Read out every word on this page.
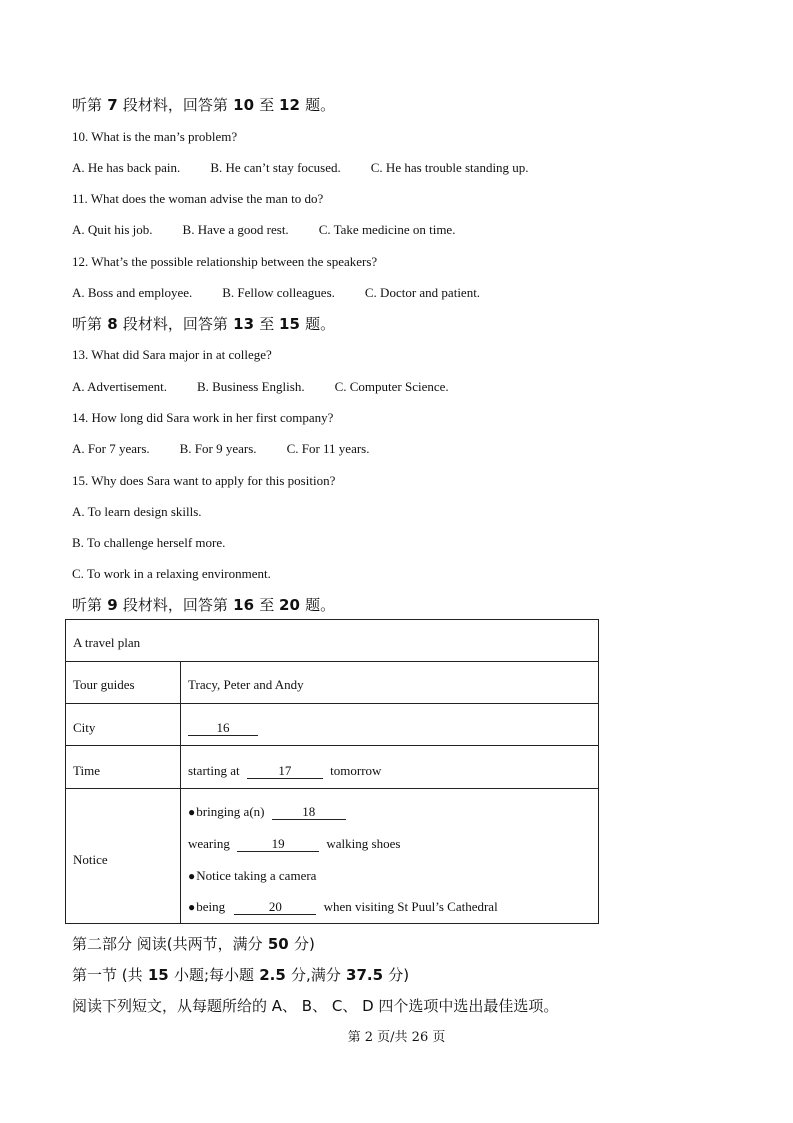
听第 7 段材料，回答第 10 至 12 题。
10. What is the man’s problem?
A. He has back pain. B. He can’t stay focused. C. He has trouble standing up.
11. What does the woman advise the man to do?
A. Quit his job. B. Have a good rest. C. Take medicine on time.
12. What’s the possible relationship between the speakers?
A. Boss and employee. B. Fellow colleagues. C. Doctor and patient.
听第 8 段材料，回答第 13 至 15 题。
13. What did Sara major in at college?
A. Advertisement. B. Business English. C. Computer Science.
14. How long did Sara work in her first company?
A. For 7 years. B. For 9 years. C. For 11 years.
15. Why does Sara want to apply for this position?
A. To learn design skills.
B. To challenge herself more.
C. To work in a relaxing environment.
听第 9 段材料，回答第 16 至 20 题。
A travel plan
Tour guides	Tracy, Peter and Andy
City	16
Time	starting at	17	tomorrow
Notice
●bringing a(n)	18
wearing	19	walking shoes
●Notice taking a camera
●being	20	when visiting St Puul’s Cathedral
第二部分 阅读(共两节，满分 50 分)
第一节 (共 15 小题;每小题 2.5 分,满分 37.5 分)
阅读下列短文，从每题所给的 A、 B、 C、 D 四个选项中选出最佳选项。
第 2 页/共 26 页
